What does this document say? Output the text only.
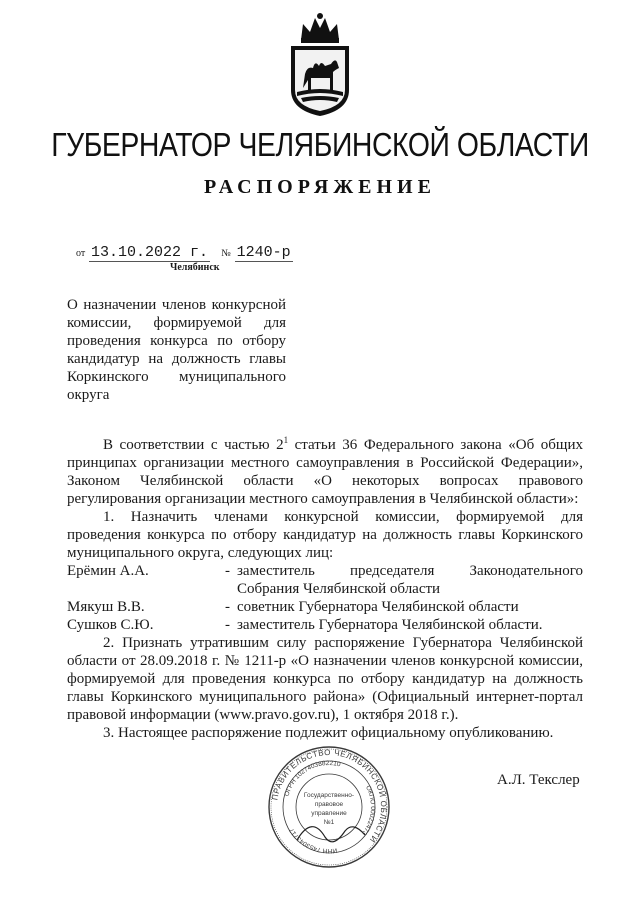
ГУБЕРНАТОР ЧЕЛЯБИНСКОЙ ОБЛАСТИ
РАСПОРЯЖЕНИЕ
от 13.10.2022 г. № 1240-р
Челябинск
О назначении членов конкурсной
комиссии, формируемой для
проведения конкурса по отбору
кандидатур на должность главы
Коркинского муниципального
округа
В соответствии с частью $2^1$ статьи 36 Федерального закона «Об общих
принципах организации местного самоуправления в Российской Федерации»,
Законом Челябинской области «О некоторых вопросах правового
регулирования организации местного самоуправления в Челябинской области»:
1. Назначить членами конкурсной комиссии, формируемой для
проведения конкурса по отбору кандидатур на должность главы Коркинского
муниципального округа, следующих лиц:
Ерёмин А.А.	- заместитель председателя Законодательного
Собрания Челябинской области
Мякуш В.В.	- советник Губернатора Челябинской области
Сушков С.Ю.	- заместитель Губернатора Челябинской области.
2. Признать утратившим силу распоряжение Губернатора Челябинской
области от 28.09.2018 г. № 1211-р «О назначении членов конкурсной комиссии,
формируемой для проведения конкурса по отбору кандидатур на должность
главы Коркинского муниципального района» (Официальный интернет-портал
правовой информации (www.pravo.gov.ru), 1 октября 2018 г.).
3. Настоящее распоряжение подлежит официальному опубликованию.
ПРАВИТЕЛЬСТВО ЧЕЛЯБИНСКОЙ ОБЛАСТИ
ОГРН 1027403882210
ОКПО 00022473
ИНН 7453043717
Государственно-
правовое
управление
№1
А.Л. Текслер
